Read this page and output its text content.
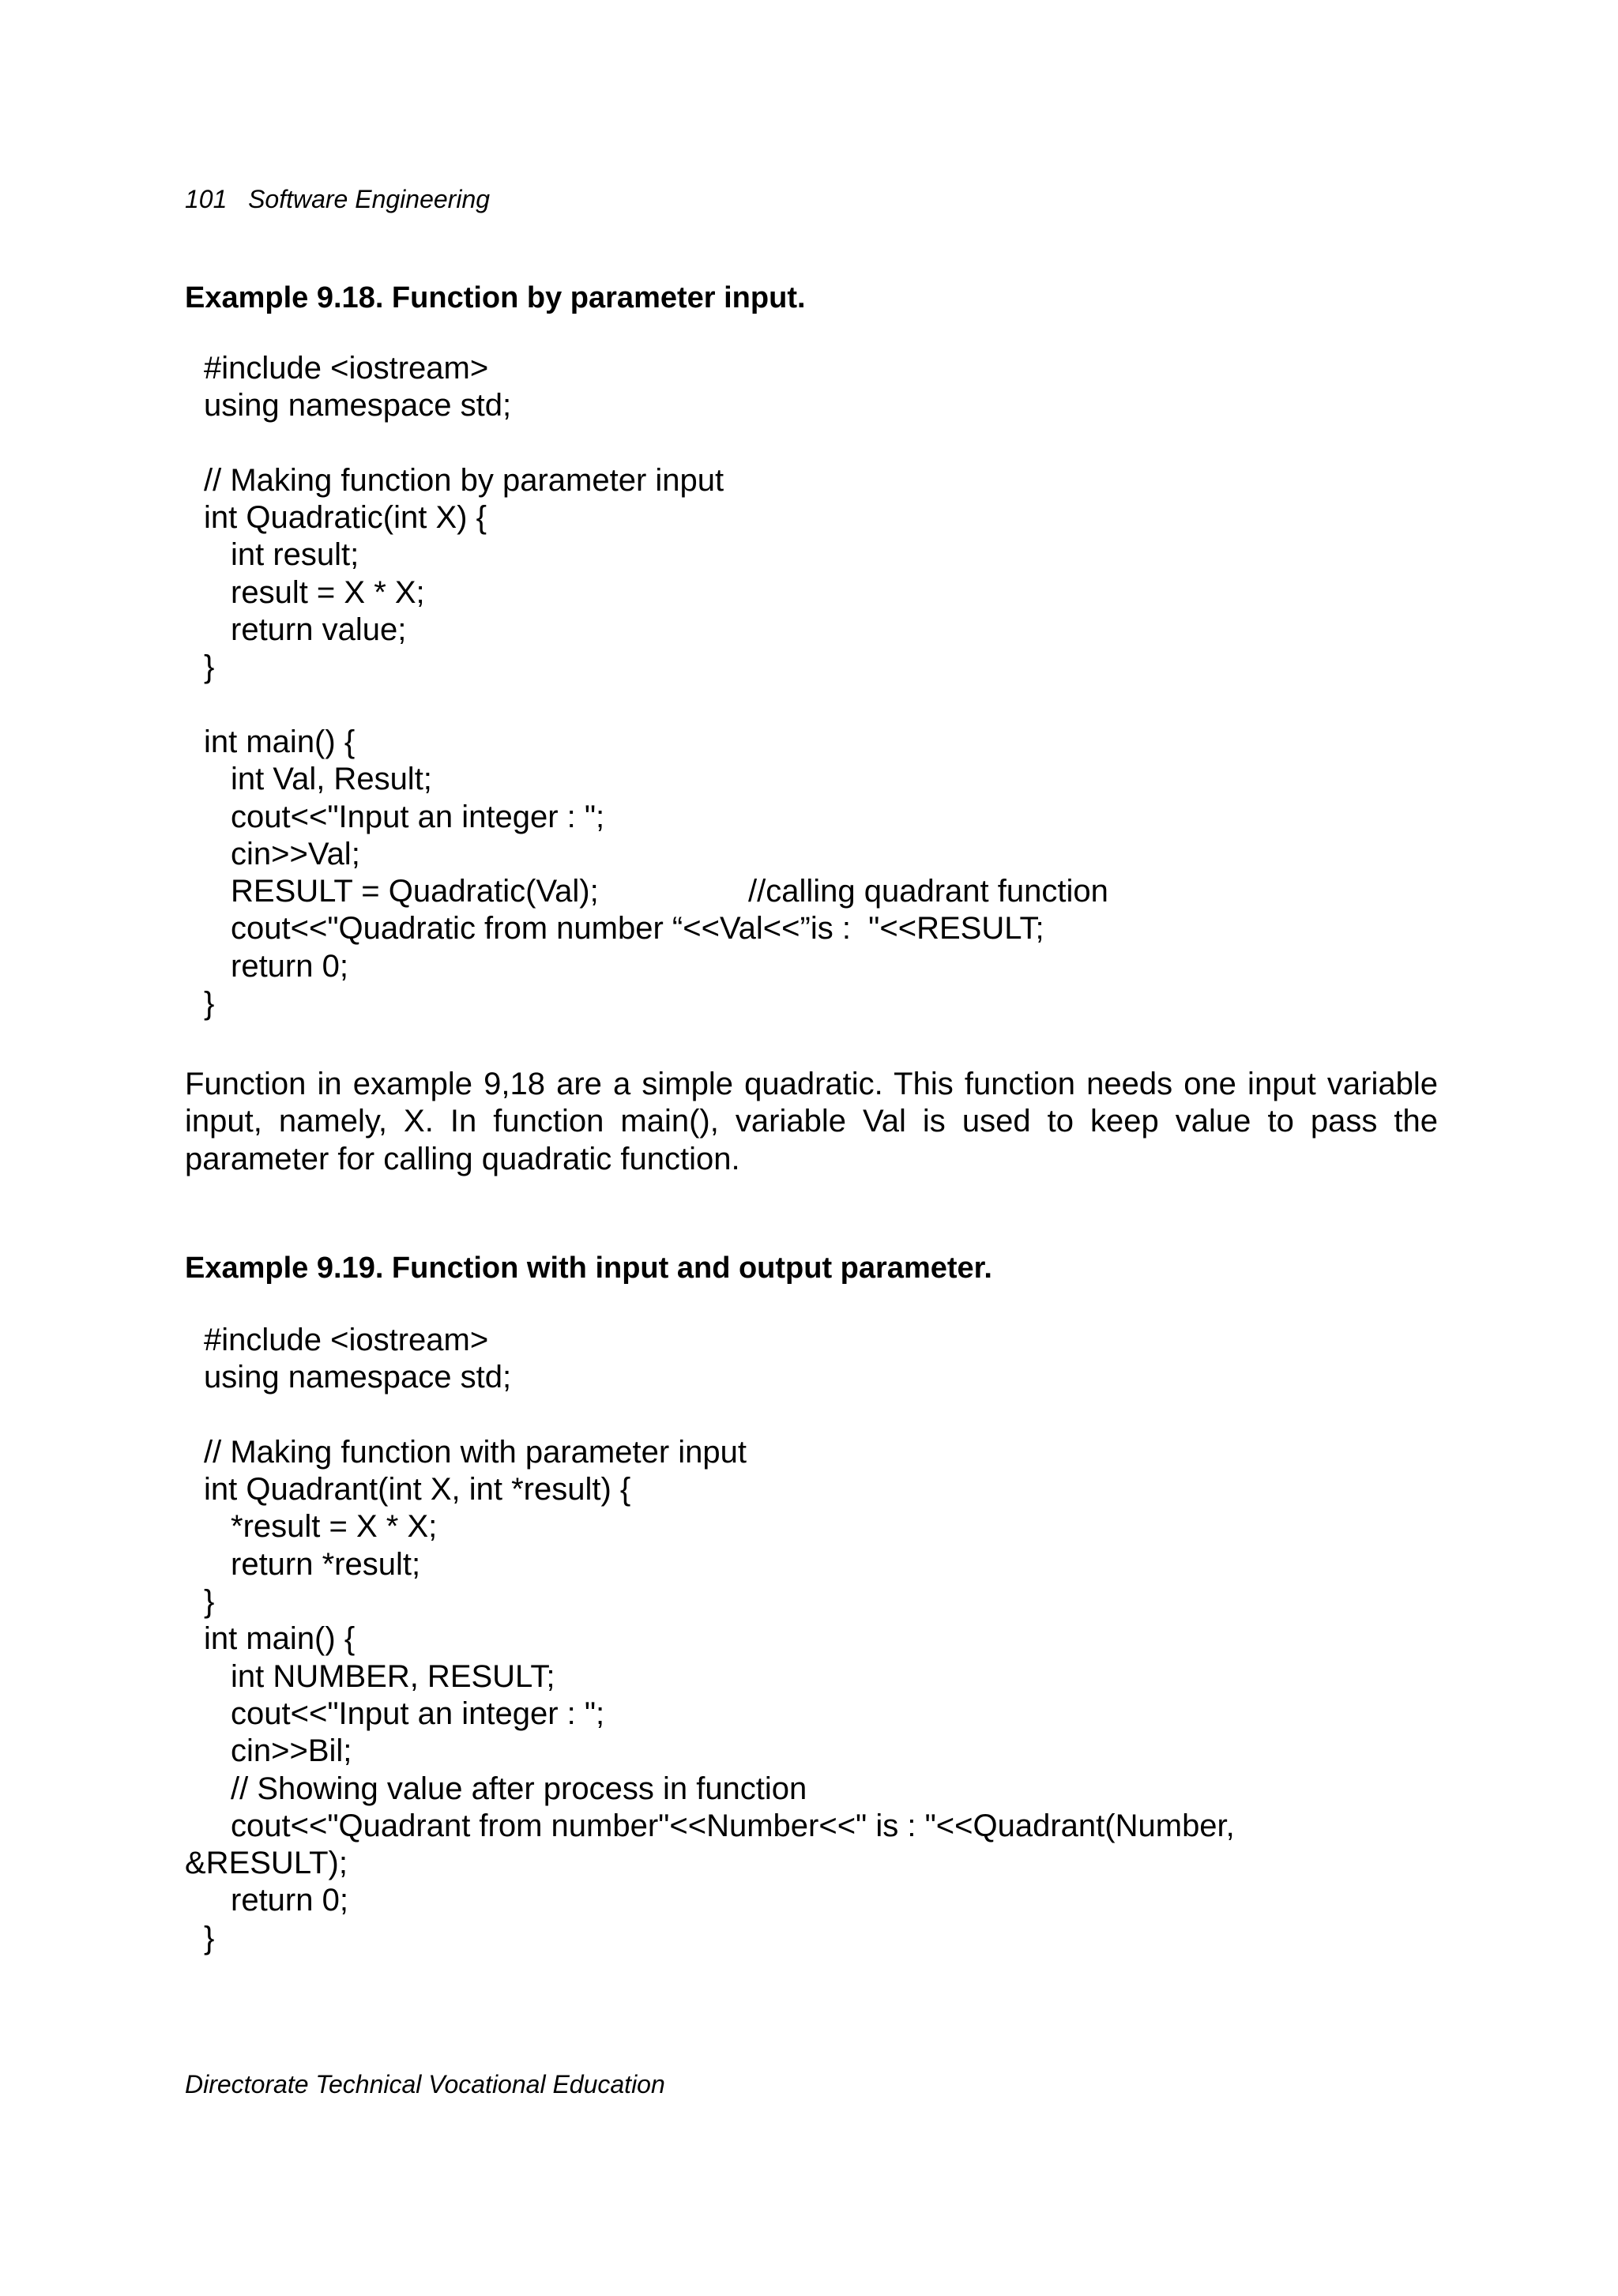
101 Software Engineering
Example 9.18. Function by parameter input.
#include <iostream>
using namespace std;
// Making function by parameter input
int Quadratic(int X) {
int result;
result = X * X;
return value;
}
int main() {
int Val, Result;
cout<<"Input an integer : ";
cin>>Val;
RESULT = Quadratic(Val);	//calling quadrant function
cout<<"Quadratic from number “<<Val<<”is :  "<<RESULT;
return 0;
}
Function in example 9,18 are a simple quadratic. This function needs one input variable input, namely, X. In function main(), variable Val is used to keep value to pass the parameter for calling quadratic function.
Example 9.19. Function with input and output parameter.
#include <iostream>
using namespace std;
// Making function with parameter input
int Quadrant(int X, int *result) {
*result = X * X;
return *result;
}
int main() {
int NUMBER, RESULT;
cout<<"Input an integer : ";
cin>>Bil;
// Showing value after process in function
cout<<"Quadrant from number"<<Number<<" is : "<<Quadrant(Number,
&RESULT);
return 0;
}
Directorate Technical Vocational Education
